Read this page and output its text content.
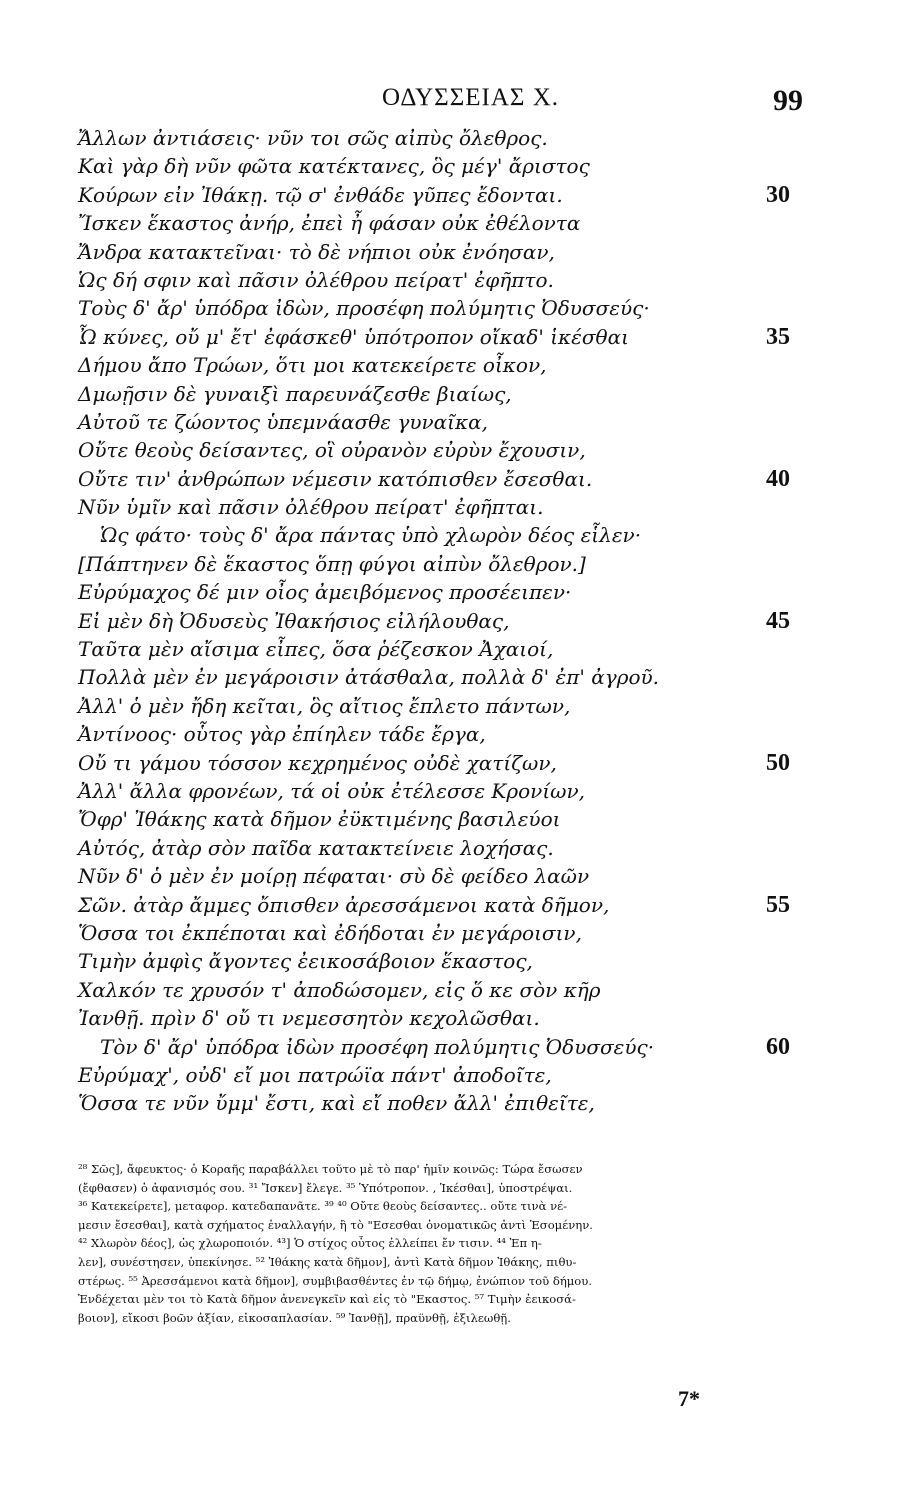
ΟΔΥΣΣΕΙΑΣ Χ.	99
Ἄλλων ἀντιάσεις· νῦν τοι σῶς αἰπὺς ὄλεθρος.
Καὶ γὰρ δὴ νῦν φῶτα κατέκτανες, ὃς μέγ' ἄριστος
Κούρων εἰν Ἰθάκῃ. τῷ σ' ἐνθάδε γῦπες ἔδονται.	30
Ἴσκεν ἕκαστος ἀνήρ, ἐπεὶ ἦ φάσαν οὐκ ἐθέλοντα
Ἄνδρα κατακτεῖναι· τὸ δὲ νήπιοι οὐκ ἐνόησαν,
Ὡς δή σφιν καὶ πᾶσιν ὀλέθρου πείρατ' ἐφῆπτο.
Τοὺς δ' ἄρ' ὑπόδρα ἰδὼν, προσέφη πολύμητις Ὀδυσσεύς·
Ὦ κύνες, οὔ μ' ἔτ' ἐφάσκεθ' ὑπότροπον οἴκαδ' ἱκέσθαι	35
Δήμου ἄπο Τρώων, ὅτι μοι κατεκείρετε οἶκον,
Δμωῇσιν δὲ γυναιξὶ παρευνάζεσθε βιαίως,
Αὐτοῦ τε ζώοντος ὑπεμνάασθε γυναῖκα,
Οὔτε θεοὺς δείσαντες, οἳ οὐρανὸν εὐρὺν ἔχουσιν,
Οὔτε τιν' ἀνθρώπων νέμεσιν κατόπισθεν ἔσεσθαι.	40
Νῦν ὑμῖν καὶ πᾶσιν ὀλέθρου πείρατ' ἐφῆπται.
Ὡς φάτο· τοὺς δ' ἄρα πάντας ὑπὸ χλωρὸν δέος εἷλεν·
[Πάπτηνεν δὲ ἕκαστος ὅπῃ φύγοι αἰπὺν ὄλεθρον.]
Εὐρύμαχος δέ μιν οἶος ἀμειβόμενος προσέειπεν·
Εἰ μὲν δὴ Ὀδυσεὺς Ἰθακήσιος εἰλήλουθας,	45
Ταῦτα μὲν αἴσιμα εἶπες, ὅσα ῥέζεσκον Ἀχαιοί,
Πολλὰ μὲν ἐν μεγάροισιν ἀτάσθαλα, πολλὰ δ' ἐπ' ἀγροῦ.
Ἀλλ' ὁ μὲν ἤδη κεῖται, ὃς αἴτιος ἔπλετο πάντων,
Ἀντίνοος· οὗτος γὰρ ἐπίηλεν τάδε ἔργα,
Οὔ τι γάμου τόσσον κεχρημένος οὐδὲ χατίζων,	50
Ἀλλ' ἄλλα φρονέων, τά οἱ οὐκ ἐτέλεσσε Κρονίων,
Ὄφρ' Ἰθάκης κατὰ δῆμον ἐϋκτιμένης βασιλεύοι
Αὐτός, ἀτὰρ σὸν παῖδα κατακτείνειε λοχήσας.
Νῦν δ' ὁ μὲν ἐν μοίρῃ πέφαται· σὺ δὲ φείδεο λαῶν
Σῶν. ἀτὰρ ἄμμες ὄπισθεν ἀρεσσάμενοι κατὰ δῆμον,	55
Ὅσσα τοι ἐκπέποται καὶ ἐδήδοται ἐν μεγάροισιν,
Τιμὴν ἀμφὶς ἄγοντες ἐεικοσάβοιον ἕκαστος,
Χαλκόν τε χρυσόν τ' ἀποδώσομεν, εἰς ὅ κε σὸν κῆρ
Ἰανθῇ. πρὶν δ' οὔ τι νεμεσσητὸν κεχολῶσθαι.
Τὸν δ' ἄρ' ὑπόδρα ἰδὼν προσέφη πολύμητις Ὀδυσσεύς·	60
Εὐρύμαχ', οὐδ' εἴ μοι πατρώϊα πάντ' ἀποδοῖτε,
Ὅσσα τε νῦν ὔμμ' ἔστι, καὶ εἴ ποθεν ἄλλ' ἐπιθεῖτε,
²⁸ Σῶς], ἄφευκτος· ὁ Κοραῆς παραβάλλει τοῦτο μὲ τὸ παρ' ἡμῖν κοινῶς: Τώρα ἔσωσεν
(ἔφθασεν) ὁ ἀφανισμός σου. ³¹ Ἴσκεν] ἔλεγε. ³⁵ Ὑπότροπον. , Ἱκέσθαι], ὑποστρέψαι.
³⁶ Κατεκείρετε], μεταφορ. κατεδαπανᾶτε. ³⁹ ⁴⁰ Οὔτε θεοὺς δείσαντες.. οὔτε τινὰ νέ-
μεσιν ἔσεσθαι], κατὰ σχήματος ἐναλλαγήν, ἢ τὸ "Εσεσθαι ὀνοματικῶς ἀντὶ Ἐσομένην.
⁴² Χλωρὸν δέος], ὡς χλωροποιόν. ⁴³] Ὁ στίχος οὗτος ἐλλείπει ἔν τισιν. ⁴⁴ Ἐπ η-
λεν], συνέστησεν, ὑπεκίνησε. ⁵² Ἰθάκης κατὰ δῆμον], ἀντὶ Κατὰ δῆμον Ἰθάκης, πιθυ-
στέρως. ⁵⁵ Ἀρεσσάμενοι κατὰ δῆμον], συμβιβασθέντες ἐν τῷ δήμῳ, ἐνώπιον τοῦ δήμου.
Ἐνδέχεται μὲν τοι τὸ Κατὰ δῆμον ἀνενεγκεῖν καὶ εἰς τὸ "Εκαστος. ⁵⁷ Τιμὴν ἐεικοσά-
βοιον], εἴκοσι βοῶν ἀξίαν, εἰκοσαπλασίαν. ⁵⁹ Ἰανθῇ], πραϋνθῇ, ἐξιλεωθῇ.
7*
